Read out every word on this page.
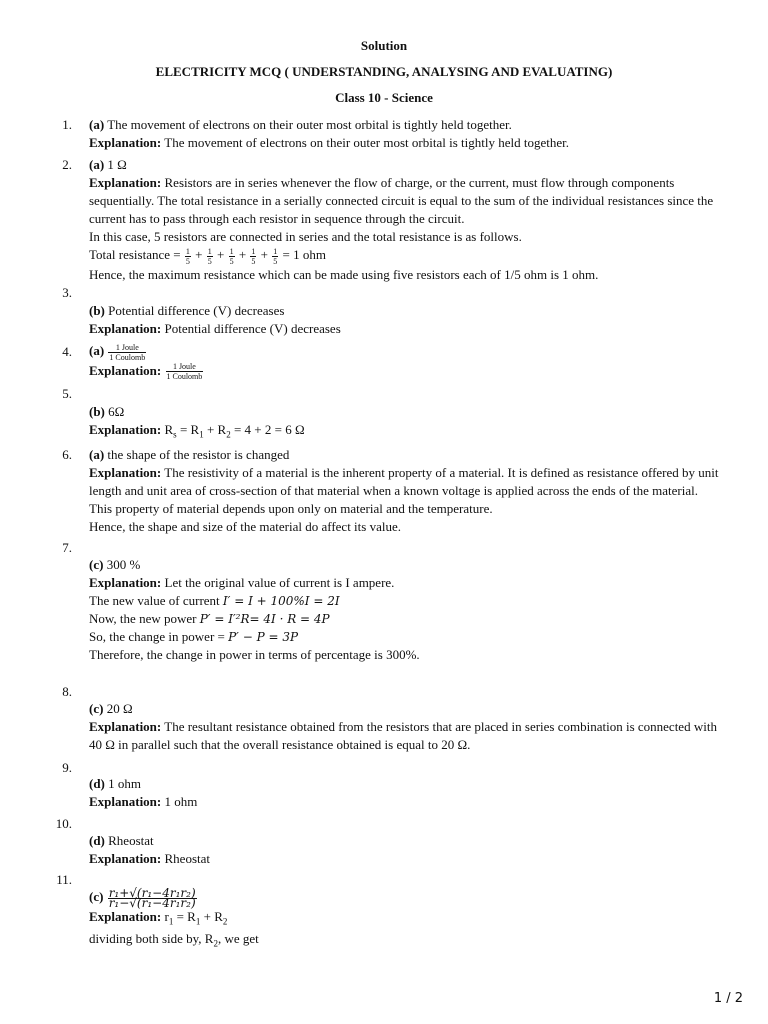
Solution
ELECTRICITY MCQ ( UNDERSTANDING, ANALYSING AND EVALUATING)
Class 10 - Science
1. (a) The movement of electrons on their outer most orbital is tightly held together.
Explanation: The movement of electrons on their outer most orbital is tightly held together.
2. (a) 1 Ω
Explanation: Resistors are in series whenever the flow of charge, or the current, must flow through components sequentially. The total resistance in a serially connected circuit is equal to the sum of the individual resistances since the current has to pass through each resistor in sequence through the circuit.
In this case, 5 resistors are connected in series and the total resistance is as follows.
Total resistance = $\frac{1}{5} + \frac{1}{5} + \frac{1}{5} + \frac{1}{5} + \frac{1}{5} = 1$ ohm
Hence, the maximum resistance which can be made using five resistors each of 1/5 ohm is 1 ohm.
3.
(b) Potential difference (V) decreases
Explanation: Potential difference (V) decreases
4. $(a) \frac{\text{1 Joule}}{\text{1 Coulomb}}$
Explanation: $\frac{\text{1 Joule}}{\text{1 Coulomb}}$
5.
(b) 6Ω
Explanation: $R_s = R_1 + R_2 = 4 + 2 = 6$ Ω
6. (a) the shape of the resistor is changed
Explanation: The resistivity of a material is the inherent property of a material. It is defined as resistance offered by unit length and unit area of cross-section of that material when a known voltage is applied across the ends of the material.
This property of material depends upon only on material and the temperature.
Hence, the shape and size of the material do affect its value.
7.
(c) 300 %
Explanation: Let the original value of current is I ampere.
The new value of current I′ = I + 100%I = 2I
Now, the new power P′ = I′²R= 4I · R = 4P
So, the change in power = P′ − P = 3P
Therefore, the change in power in terms of percentage is 300%.
8.
(c) 20 Ω
Explanation: The resultant resistance obtained from the resistors that are placed in series combination is connected with 40 Ω in parallel such that the overall resistance obtained is equal to 20 Ω.
9.
(d) 1 ohm
Explanation: 1 ohm
10.
(d) Rheostat
Explanation: Rheostat
11.
$(c) \frac{\text{r₁+√(r₁−4r₁r₂)}}{\text{r₁−√(r₁−4r₁r₂)}}$
Explanation: $r_1 = R_1 + R_2$
dividing both side by, $R_2$, we get
1 / 2
